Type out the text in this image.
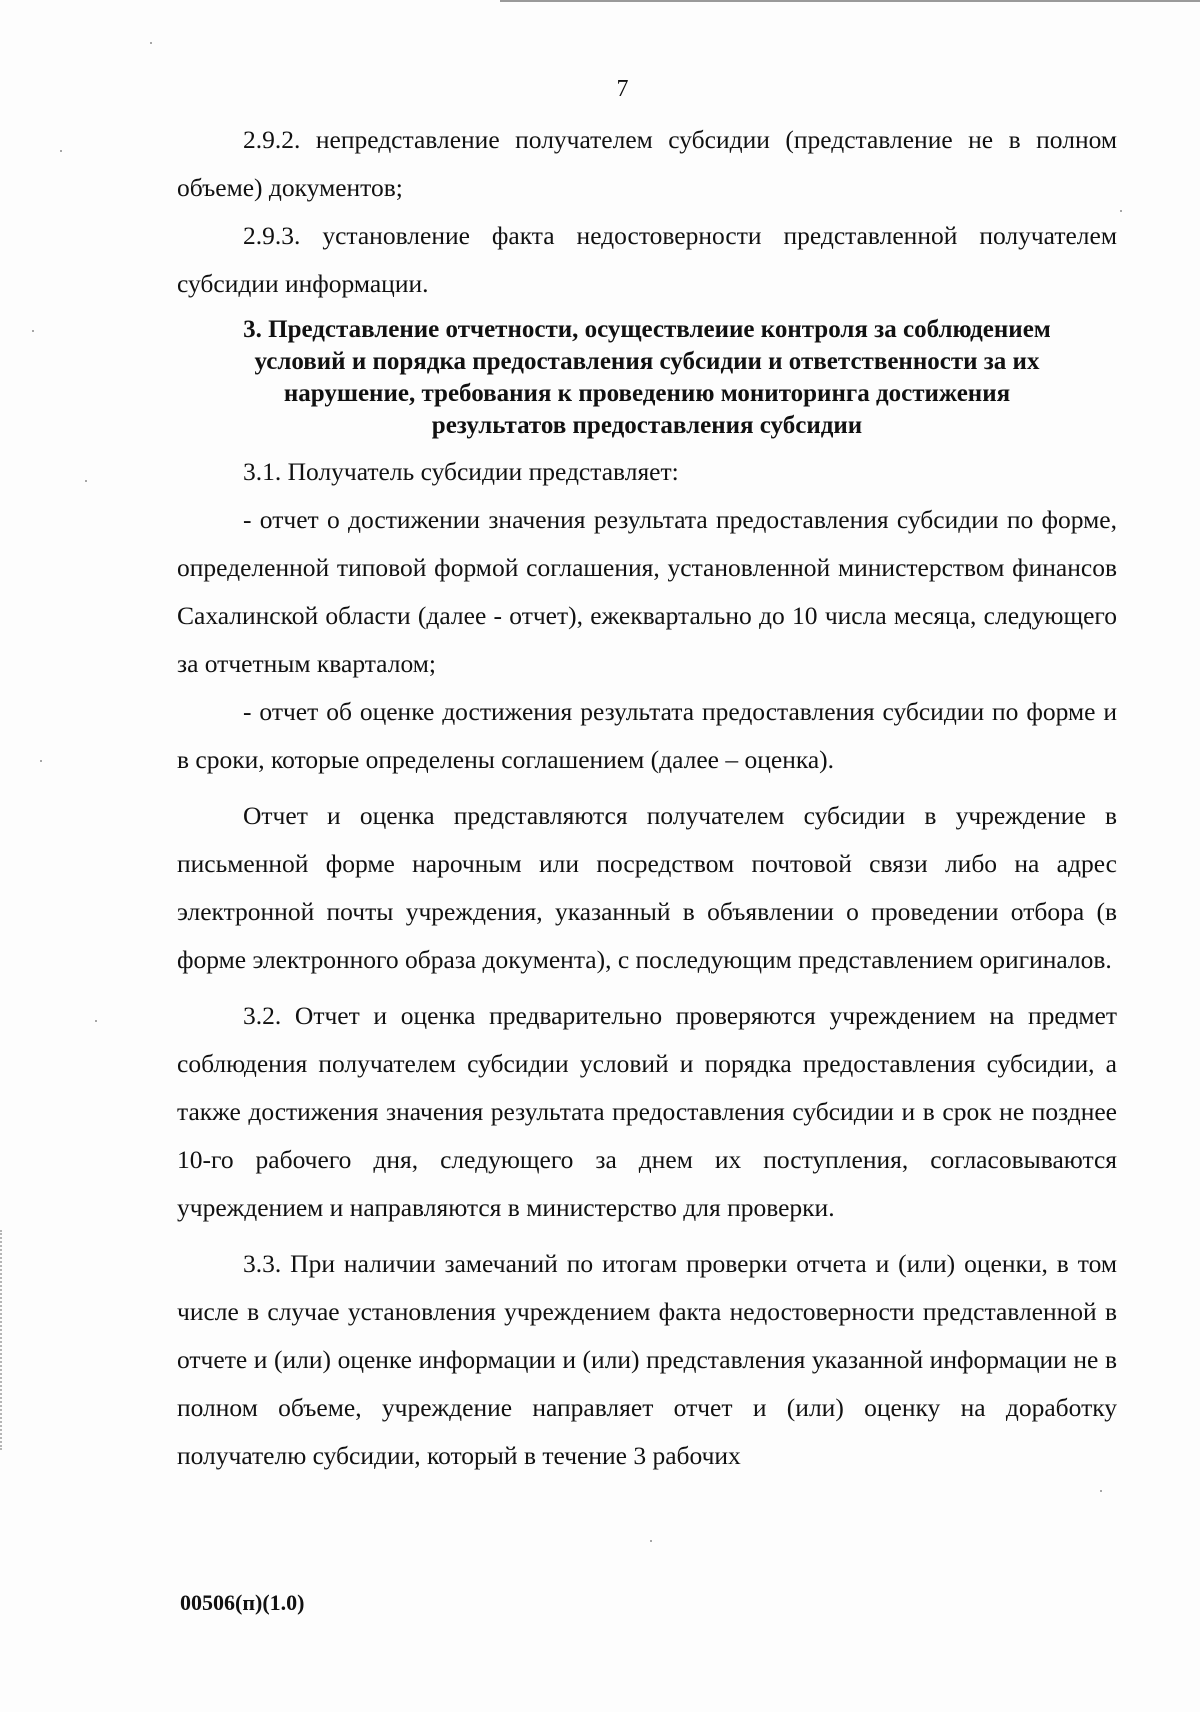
7

2.9.2. непредставление получателем субсидии (представление не в полном объеме) документов;

2.9.3. установление факта недостоверности представленной получателем субсидии информации.

3. Представление отчетности, осуществлеиие контроля за соблюдением
условий и порядка предоставления субсидии и ответственности за их
нарушение, требования к проведению мониторинга достижения
результатов предоставления субсидии

3.1. Получатель субсидии представляет:

- отчет о достижении значения результата предоставления субсидии по форме, определенной типовой формой соглашения, установленной министерством финансов Сахалинской области (далее - отчет), ежеквартально до 10 числа месяца, следующего за отчетным кварталом;

- отчет об оценке достижения результата предоставления субсидии по форме и в сроки, которые определены соглашением (далее – оценка).

Отчет и оценка представляются получателем субсидии в учреждение в письменной форме нарочным или посредством почтовой связи либо на адрес электронной почты учреждения, указанный в объявлении о проведении отбора (в форме электронного образа документа), с последующим представлением оригиналов.

3.2. Отчет и оценка предварительно проверяются учреждением на предмет соблюдения получателем субсидии условий и порядка предоставления субсидии, а также достижения значения результата предоставления субсидии и в срок не позднее 10-го рабочего дня, следующего за днем их поступления, согласовываются учреждением и направляются в министерство для проверки.

3.3. При наличии замечаний по итогам проверки отчета и (или) оценки, в том числе в случае установления учреждением факта недостоверности представленной в отчете и (или) оценке информации и (или) представления указанной информации не в полном объеме, учреждение направляет отчет и (или) оценку на доработку получателю субсидии, который в течение 3 рабочих

00506(п)(1.0)
